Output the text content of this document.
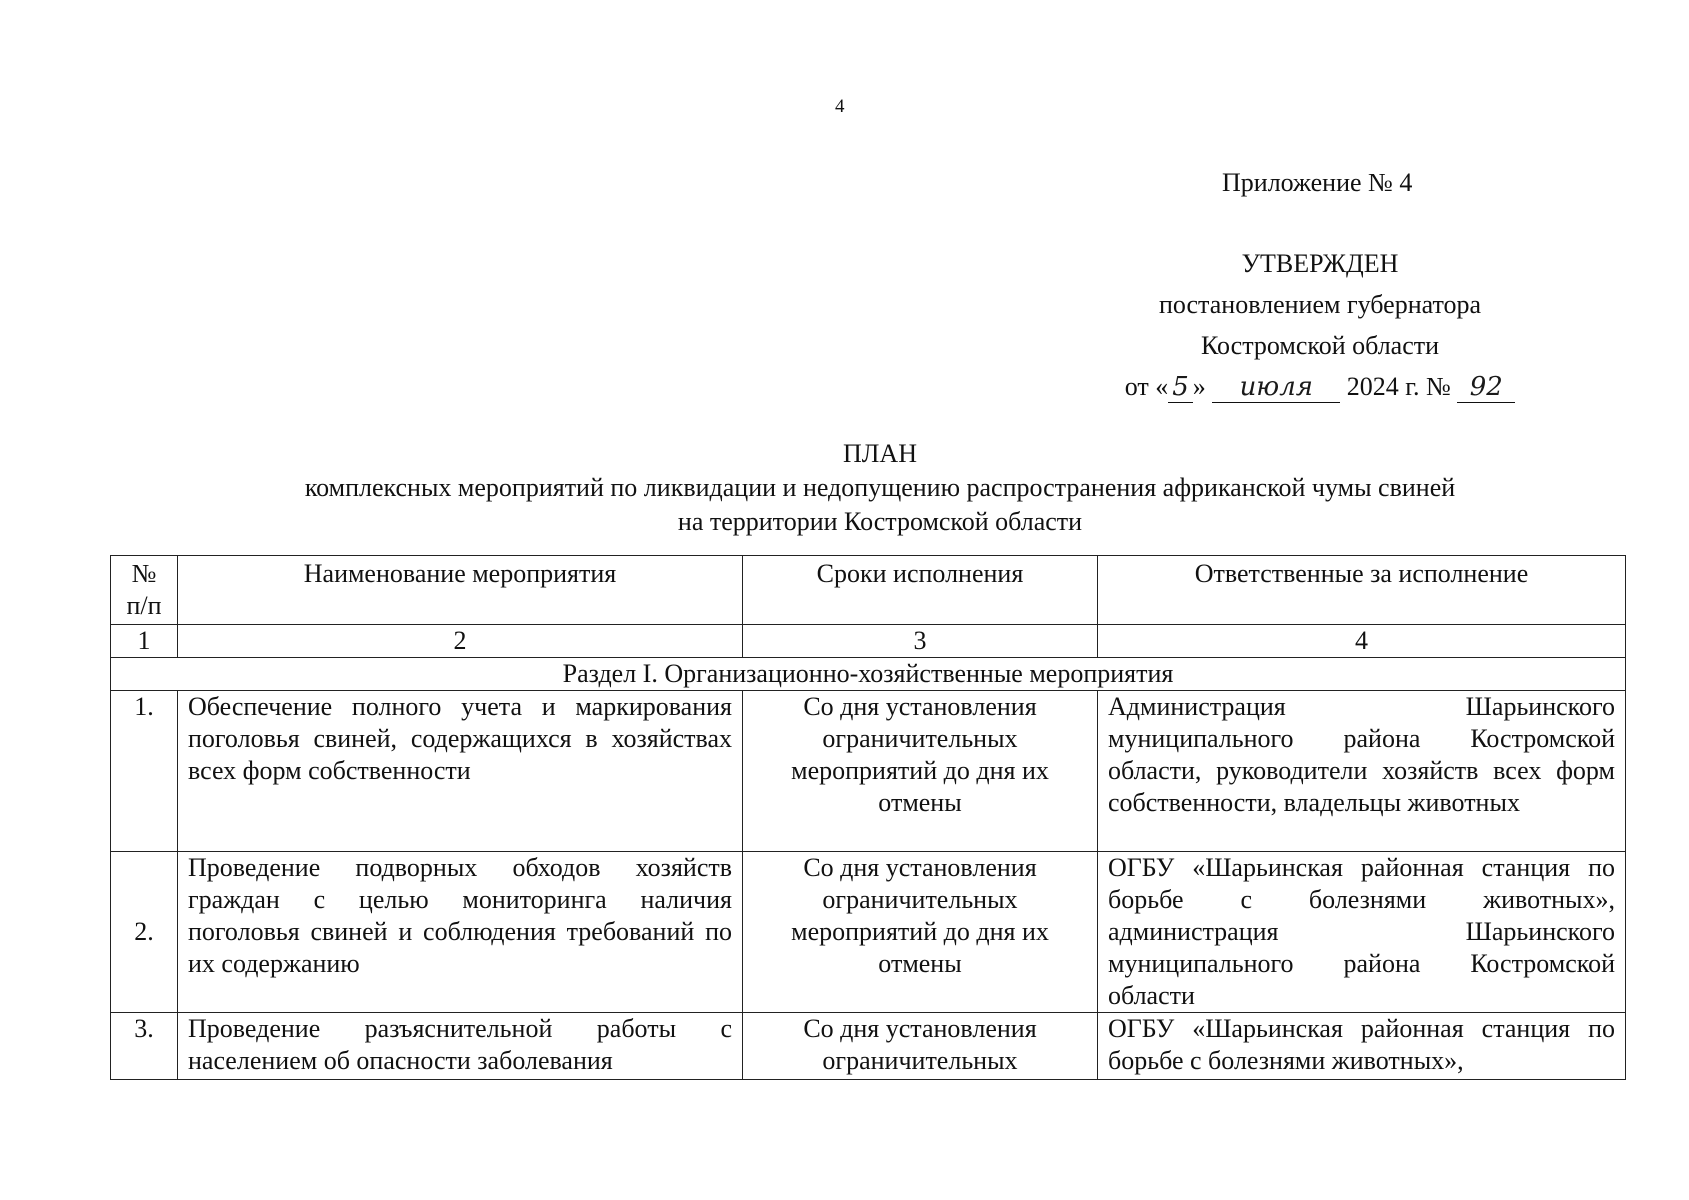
4
Приложение № 4
УТВЕРЖДЕН
постановлением губернатора
Костромской области
от « 5 » июля 2024 г. № 92
ПЛАН
комплексных мероприятий по ликвидации и недопущению распространения африканской чумы свиней
на территории Костромской области
№ п/п	Наименование мероприятия	Сроки исполнения	Ответственные за исполнение
1	2	3	4
Раздел I. Организационно-хозяйственные мероприятия			
1.	Обеспечение полного учета и маркирования поголовья свиней, содержащихся в хозяйствах всех форм собственности	Со дня установления ограничительных мероприятий до дня их отмены	Администрация Шарьинского муниципального района Костромской области, руководители хозяйств всех форм собственности, владельцы животных
2.	Проведение подворных обходов хозяйств граждан с целью мониторинга наличия поголовья свиней и соблюдения требований по их содержанию	Со дня установления ограничительных мероприятий до дня их отмены	ОГБУ «Шарьинская районная станция по борьбе с болезнями животных», администрация Шарьинского муниципального района Костромской области
3.	Проведение разъяснительной работы с населением об опасности заболевания	Со дня установления ограничительных	ОГБУ «Шарьинская районная станция по борьбе с болезнями животных»,
